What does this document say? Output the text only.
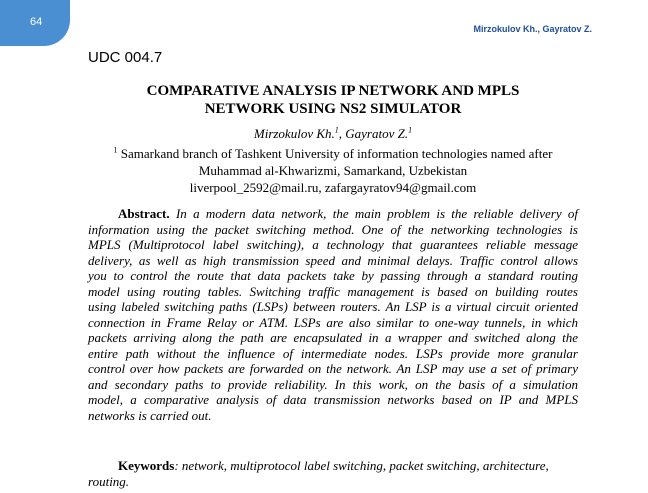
64
Mirzokulov Kh., Gayratov Z.
UDC 004.7
COMPARATIVE ANALYSIS IP NETWORK AND MPLS
NETWORK USING NS2 SIMULATOR
Mirzokulov Kh.$^1$, Gayratov Z.$^1$
$^1$ Samarkand branch of Tashkent University of information technologies named after
Muhammad al-Khwarizmi, Samarkand, Uzbekistan
liverpool_2592@mail.ru, zafargayratov94@gmail.com
Abstract. In a modern data network, the main problem is the reliable delivery of
information using the packet switching method. One of the networking technologies is
MPLS (Multiprotocol label switching), a technology that guarantees reliable message
delivery, as well as high transmission speed and minimal delays. Traffic control allows
you to control the route that data packets take by passing through a standard routing
model using routing tables. Switching traffic management is based on building routes
using labeled switching paths (LSPs) between routers. An LSP is a virtual circuit oriented
connection in Frame Relay or ATM. LSPs are also similar to one-way tunnels, in which
packets arriving along the path are encapsulated in a wrapper and switched along the
entire path without the influence of intermediate nodes. LSPs provide more granular
control over how packets are forwarded on the network. An LSP may use a set of primary
and secondary paths to provide reliability. In this work, on the basis of a simulation
model, a comparative analysis of data transmission networks based on IP and MPLS
networks is carried out.
Keywords: network, multiprotocol label switching, packet switching, architecture,
routing.
